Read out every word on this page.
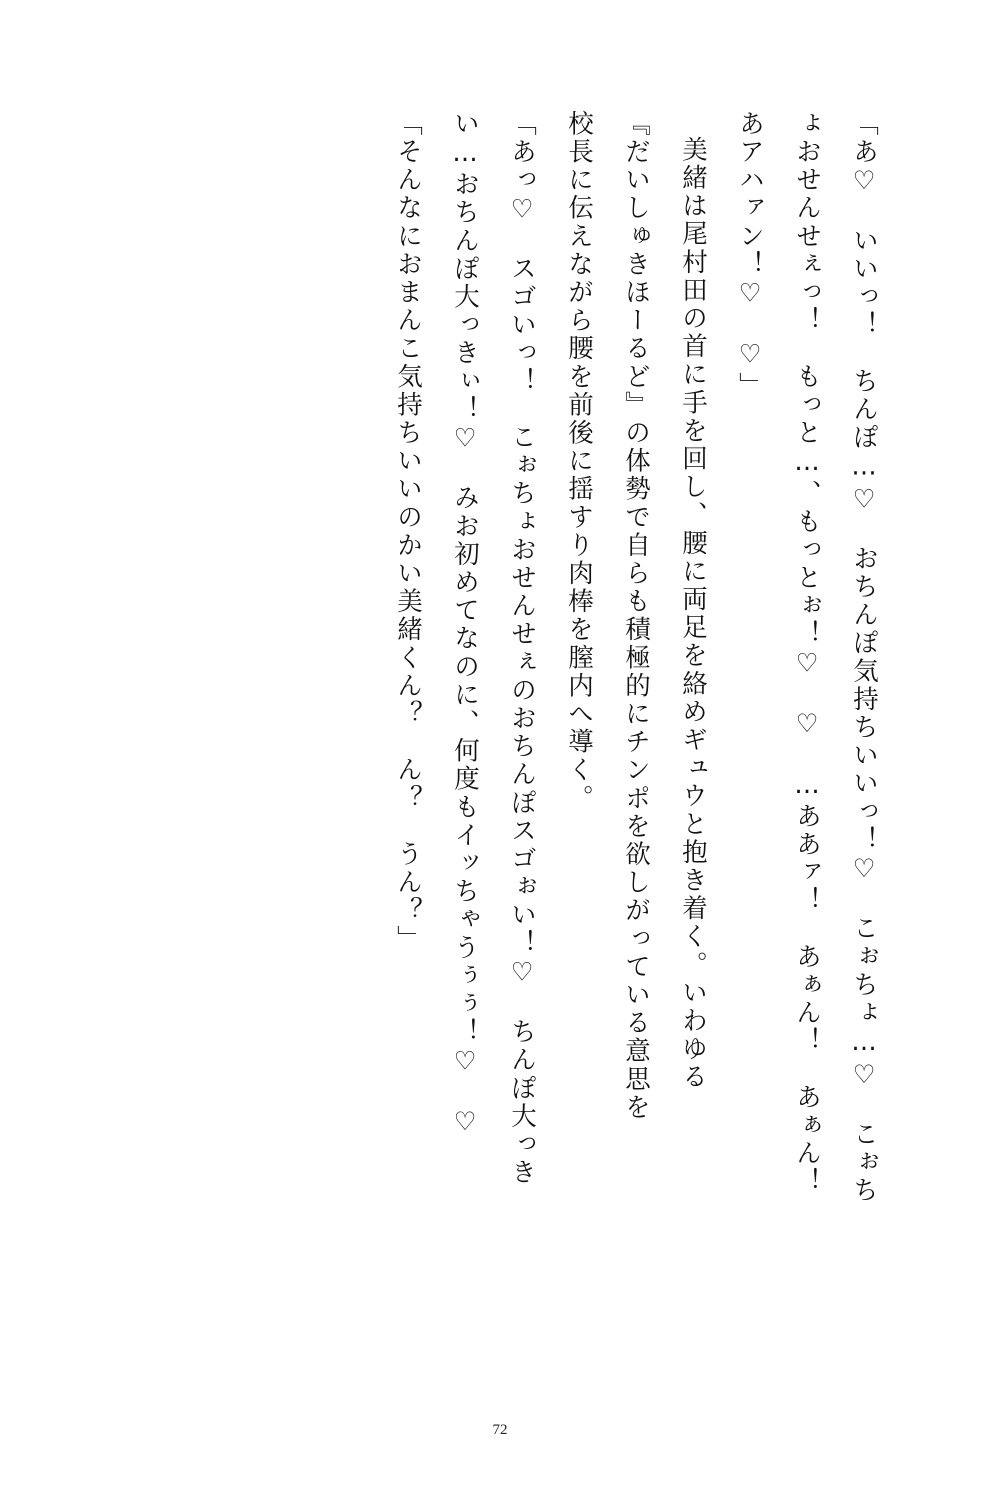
「あ♡　いいっ！　ちんぽ…♡　おちんぽ気持ちいいっ！♡　こぉちょ…♡　こぉち
ょおせんせぇっ！　もっと…、もっとぉ！♡　♡　…ああァ！　あぁん！　あぁん！
あアハァン！♡　♡」
美緒は尾村田の首に手を回し、腰に両足を絡めギュウと抱き着く。いわゆる
『だいしゅきほーるど』の体勢で自らも積極的にチンポを欲しがっている意思を
校長に伝えながら腰を前後に揺すり肉棒を膣内へ導く。
「あっ♡　スゴいっ！　こぉちょおせんせぇのおちんぽスゴぉい！♡　ちんぽ大っき
い…おちんぽ大っきぃ！♡　みお初めてなのに、何度もイッちゃうぅぅ！♡　♡
「そんなにおまんこ気持ちいいのかい美緒くん？　ん？　うん？」
72
